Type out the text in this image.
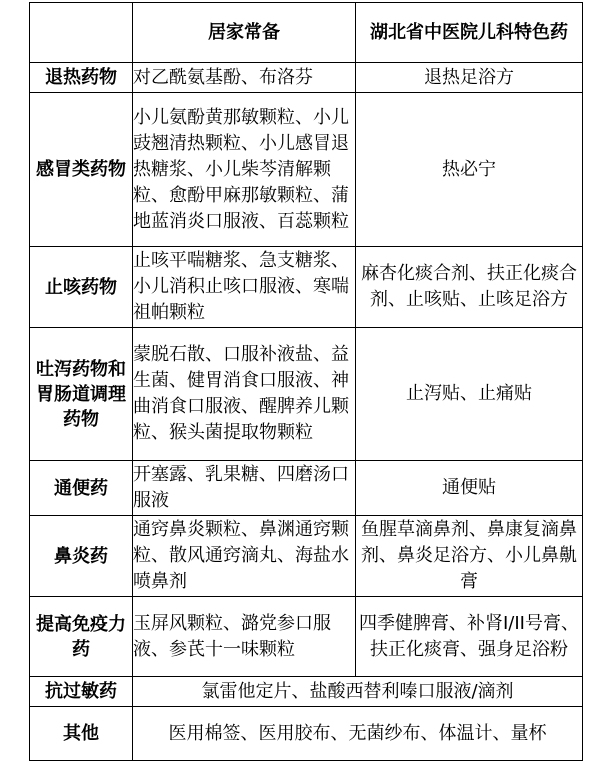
	居家常备	湖北省中医院儿科特色药
退热药物	对乙酰氨基酚、布洛芬	退热足浴方
感冒类药物	小儿氨酚黄那敏颗粒、小儿豉翘清热颗粒、小儿感冒退热糖浆、小儿柴芩清解颗粒、愈酚甲麻那敏颗粒、蒲地蓝消炎口服液、百蕊颗粒	热必宁
止咳药物	止咳平喘糖浆、急支糖浆、小儿消积止咳口服液、寒喘祖帕颗粒	麻杏化痰合剂、扶正化痰合剂、止咳贴、止咳足浴方
吐泻药物和胃肠道调理药物	蒙脱石散、口服补液盐、益生菌、健胃消食口服液、神曲消食口服液、醒脾养儿颗粒、猴头菌提取物颗粒	止泻贴、止痛贴
通便药	开塞露、乳果糖、四磨汤口服液	通便贴
鼻炎药	通窍鼻炎颗粒、鼻渊通窍颗粒、散风通窍滴丸、海盐水喷鼻剂	鱼腥草滴鼻剂、鼻康复滴鼻剂、鼻炎足浴方、小儿鼻鼽膏
提高免疫力药	玉屏风颗粒、潞党参口服液、参芪十一味颗粒	四季健脾膏、补肾I/II号膏、扶正化痰膏、强身足浴粉
抗过敏药	氯雷他定片、盐酸西替利嗪口服液/滴剂	
其他	医用棉签、医用胶布、无菌纱布、体温计、量杯	
